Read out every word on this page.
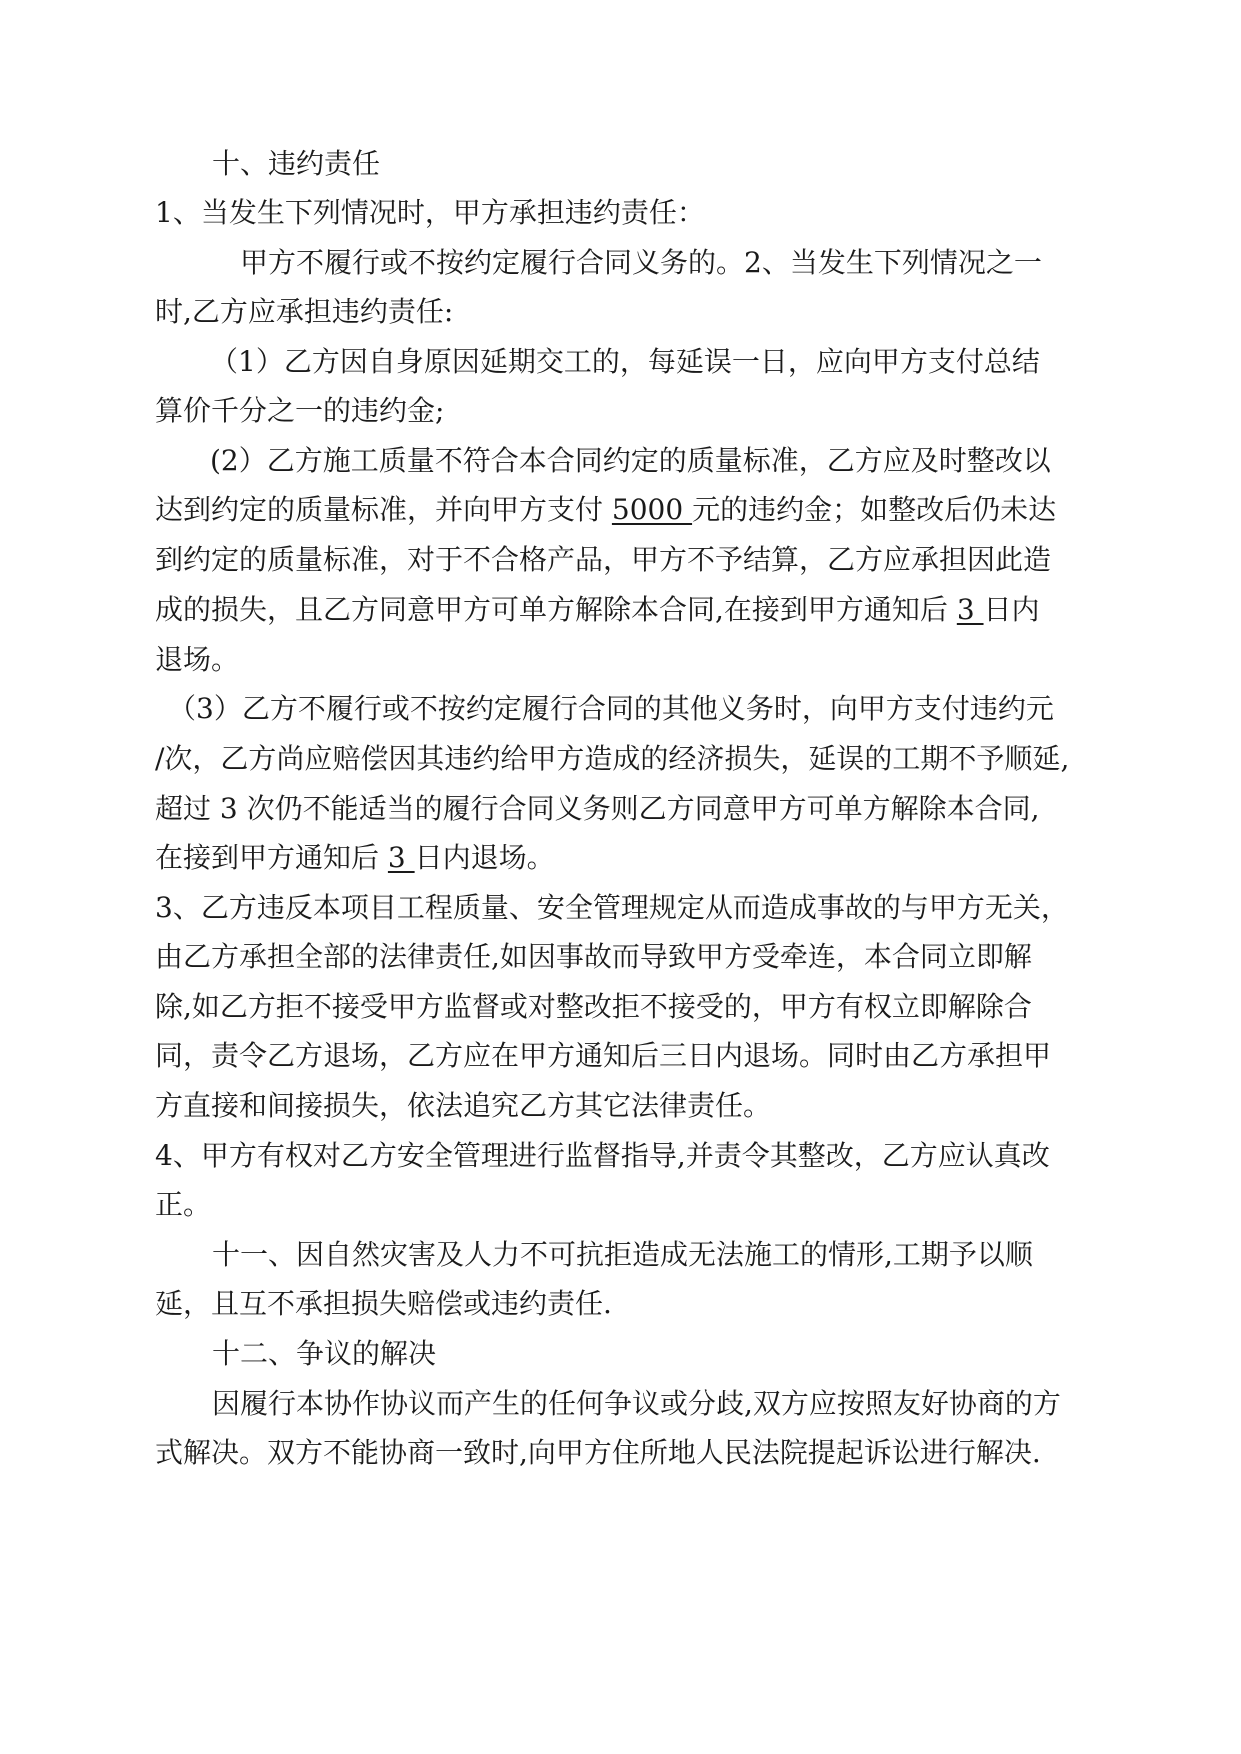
十、违约责任
1、当发生下列情况时，甲方承担违约责任：
甲方不履行或不按约定履行合同义务的。2、当发生下列情况之一
时,乙方应承担违约责任:
（1）乙方因自身原因延期交工的，每延误一日，应向甲方支付总结
算价千分之一的违约金;
(2）乙方施工质量不符合本合同约定的质量标准，乙方应及时整改以
达到约定的质量标准，并向甲方支付 5000 元的违约金；如整改后仍未达
到约定的质量标准，对于不合格产品，甲方不予结算，乙方应承担因此造
成的损失，且乙方同意甲方可单方解除本合同,在接到甲方通知后 3 日内
退场。
（3）乙方不履行或不按约定履行合同的其他义务时，向甲方支付违约元
/次，乙方尚应赔偿因其违约给甲方造成的经济损失，延误的工期不予顺延,
超过 3 次仍不能适当的履行合同义务则乙方同意甲方可单方解除本合同,
在接到甲方通知后 3 日内退场。
3、乙方违反本项目工程质量、安全管理规定从而造成事故的与甲方无关，
由乙方承担全部的法律责任,如因事故而导致甲方受牵连，本合同立即解
除,如乙方拒不接受甲方监督或对整改拒不接受的，甲方有权立即解除合
同，责令乙方退场，乙方应在甲方通知后三日内退场。同时由乙方承担甲
方直接和间接损失，依法追究乙方其它法律责任。
4、甲方有权对乙方安全管理进行监督指导,并责令其整改，乙方应认真改
正。
十一、因自然灾害及人力不可抗拒造成无法施工的情形,工期予以顺
延，且互不承担损失赔偿或违约责任.
十二、争议的解决
因履行本协作协议而产生的任何争议或分歧,双方应按照友好协商的方
式解决。双方不能协商一致时,向甲方住所地人民法院提起诉讼进行解决.
